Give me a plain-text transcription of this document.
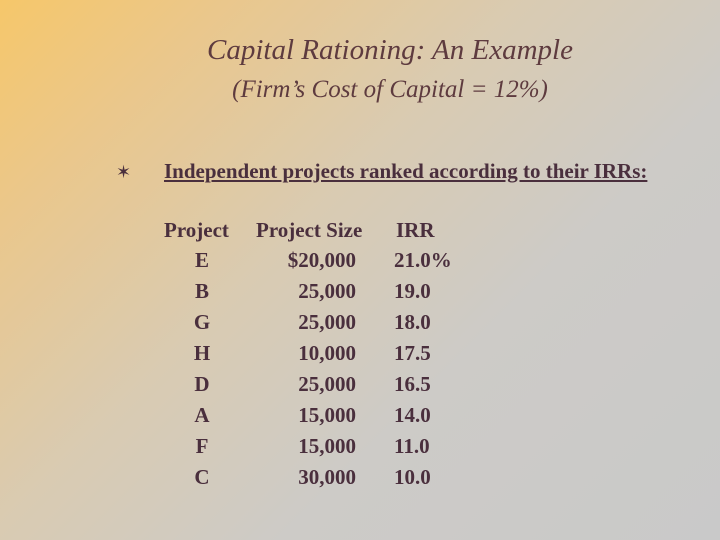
Capital Rationing: An Example
(Firm’s Cost of Capital = 12%)
✶ Independent projects ranked according to their IRRs:
Project Project Size IRR
E	$20,000 21.0%
B	25,000 19.0
G	25,000 18.0
H	10,000 17.5
D	25,000 16.5
A	15,000 14.0
F	15,000 11.0
C	30,000 10.0
